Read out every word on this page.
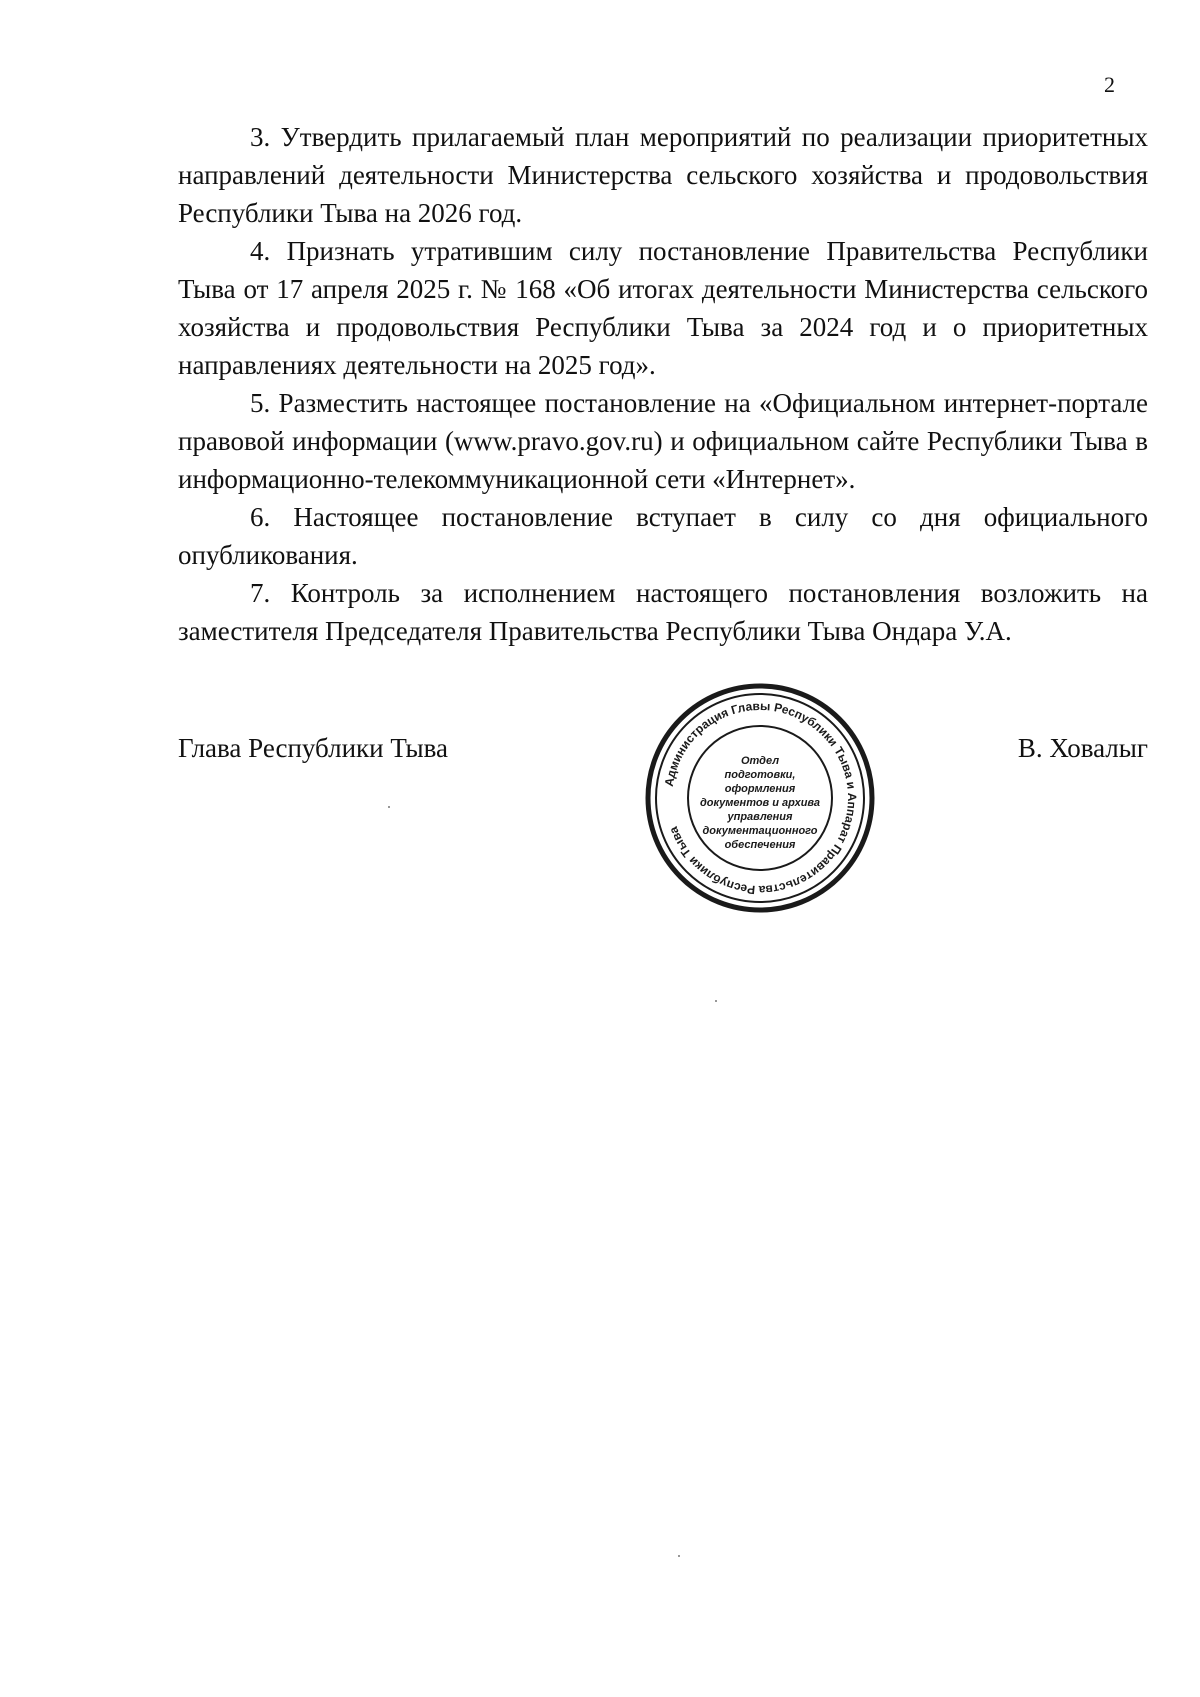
2

3. Утвердить прилагаемый план мероприятий по реализации приоритетных направлений деятельности Министерства сельского хозяйства и продовольствия Республики Тыва на 2026 год.

4. Признать утратившим силу постановление Правительства Республики Тыва от 17 апреля 2025 г. № 168 «Об итогах деятельности Министерства сельского хозяйства и продовольствия Республики Тыва за 2024 год и о приоритетных направлениях деятельности на 2025 год».

5. Разместить настоящее постановление на «Официальном интернет-портале правовой информации (www.pravo.gov.ru) и официальном сайте Республики Тыва в информационно-телекоммуникационной сети «Интернет».

6. Настоящее постановление вступает в силу со дня официального опубликования.

7. Контроль за исполнением настоящего постановления возложить на заместителя Председателя Правительства Республики Тыва Ондара У.А.

Глава Республики Тыва	В. Ховалыг
Администрация Главы Республики Тыва и Аппарат Правительства Республики Тыва
Отдел
подготовки,
оформления
документов и архива
управления
документационного
обеспечения
